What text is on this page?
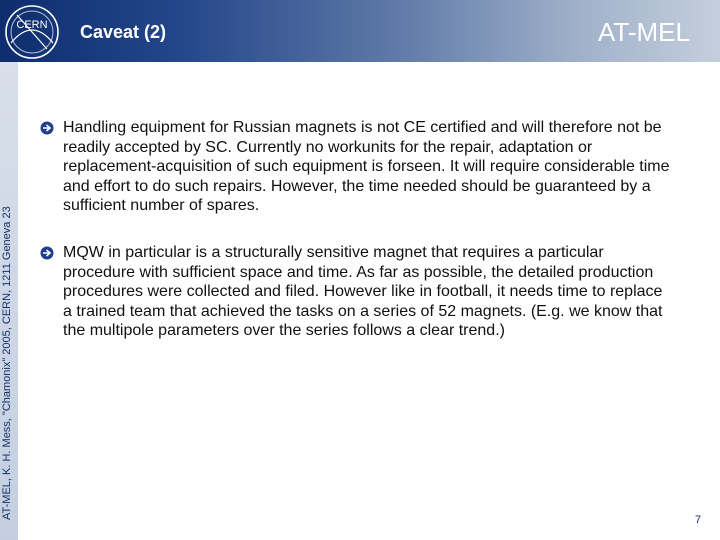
CERN Caveat (2)	AT-MEL
AT-MEL, K. H. Mess, "Chamonix" 2005, CERN, 1211 Geneva 23
Handling equipment for Russian magnets is not CE certified and will therefore not be readily accepted by SC. Currently no workunits for the repair, adaptation or replacement-acquisition of such equipment is forseen. It will require considerable time and effort to do such repairs. However, the time needed should be guaranteed by a sufficient number of spares.
MQW in particular is a structurally sensitive magnet that requires a particular procedure with sufficient space and time. As far as possible, the detailed production procedures were collected and filed. However like in football, it needs time to replace a trained team that achieved the tasks on a series of 52 magnets. (E.g. we know that the multipole parameters over the series follows a clear trend.)
7
